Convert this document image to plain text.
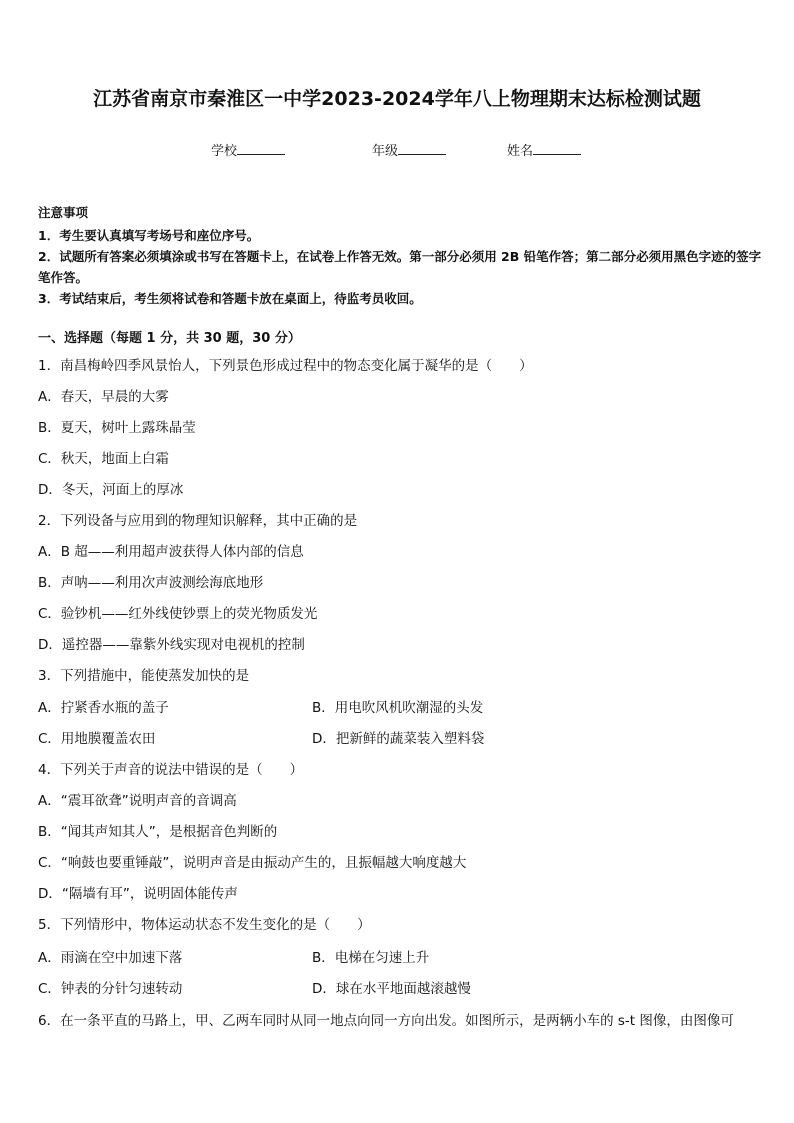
江苏省南京市秦淮区一中学2023-2024学年八上物理期末达标检测试题
学校	年级	姓名
注意事项
1．考生要认真填写考场号和座位序号。
2．试题所有答案必须填涂或书写在答题卡上，在试卷上作答无效。第一部分必须用 2B 铅笔作答；第二部分必须用黑色字迹的签字笔作答。
3．考试结束后，考生须将试卷和答题卡放在桌面上，待监考员收回。
一、选择题（每题 1 分，共 30 题，30 分）
1．南昌梅岭四季风景怡人，下列景色形成过程中的物态变化属于凝华的是（　　）
A．春天，早晨的大雾
B．夏天，树叶上露珠晶莹
C．秋天，地面上白霜
D．冬天，河面上的厚冰
2．下列设备与应用到的物理知识解释，其中正确的是
A．B 超——利用超声波获得人体内部的信息
B．声呐——利用次声波测绘海底地形
C．验钞机——红外线使钞票上的荧光物质发光
D．遥控器——靠紫外线实现对电视机的控制
3．下列措施中，能使蒸发加快的是
A．拧紧香水瓶的盖子	B．用电吹风机吹潮湿的头发
C．用地膜覆盖农田	D．把新鲜的蔬菜装入塑料袋
4．下列关于声音的说法中错误的是（　　）
A．“震耳欲聋”说明声音的音调高
B．“闻其声知其人”，是根据音色判断的
C．“响鼓也要重锤敲”，说明声音是由振动产生的，且振幅越大响度越大
D．“隔墙有耳”，说明固体能传声
5．下列情形中，物体运动状态不发生变化的是（　　）
A．雨滴在空中加速下落	B．电梯在匀速上升
C．钟表的分针匀速转动	D．球在水平地面越滚越慢
6．在一条平直的马路上，甲、乙两车同时从同一地点向同一方向出发。如图所示，是两辆小车的 s-t 图像，由图像可
